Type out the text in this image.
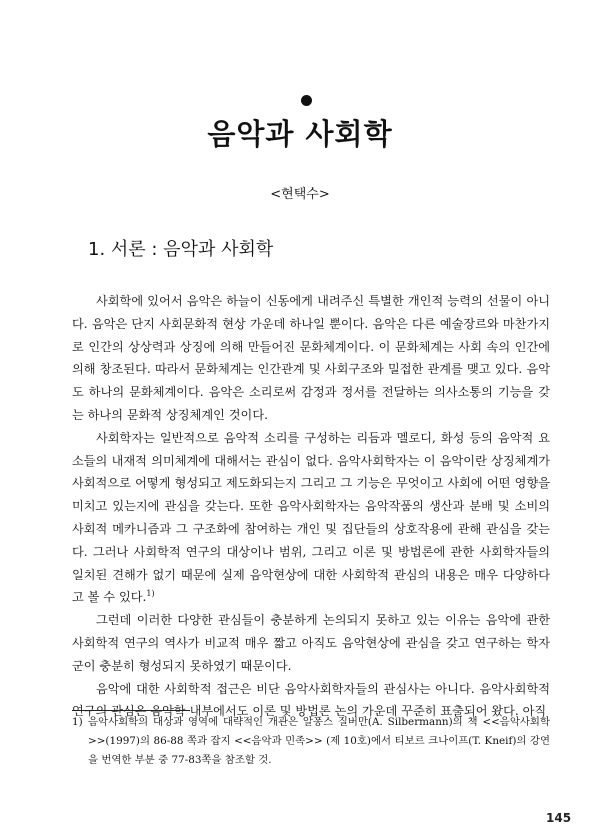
음악과 사회학
<현택수>
1. 서론 : 음악과 사회학

사회학에 있어서 음악은 하늘이 신동에게 내려주신 특별한 개인적 능력의 선물이 아니다. 음악은 단지 사회문화적 현상 가운데 하나일 뿐이다. 음악은 다른 예술장르와 마찬가지로 인간의 상상력과 상징에 의해 만들어진 문화체계이다. 이 문화체계는 사회 속의 인간에 의해 창조된다. 따라서 문화체계는 인간관계 및 사회구조와 밀접한 관계를 맺고 있다. 음악도 하나의 문화체계이다. 음악은 소리로써 감정과 정서를 전달하는 의사소통의 기능을 갖는 하나의 문화적 상징체계인 것이다.

사회학자는 일반적으로 음악적 소리를 구성하는 리듬과 멜로디, 화성 등의 음악적 요소들의 내재적 의미체계에 대해서는 관심이 없다. 음악사회학자는 이 음악이란 상징체계가 사회적으로 어떻게 형성되고 제도화되는지 그리고 그 기능은 무엇이고 사회에 어떤 영향을 미치고 있는지에 관심을 갖는다. 또한 음악사회학자는 음악작품의 생산과 분배 및 소비의 사회적 메카니즘과 그 구조화에 참여하는 개인 및 집단들의 상호작용에 관해 관심을 갖는다. 그러나 사회학적 연구의 대상이나 범위, 그리고 이론 및 방법론에 관한 사회학자들의 일치된 견해가 없기 때문에 실제 음악현상에 대한 사회학적 관심의 내용은 매우 다양하다고 볼 수 있다.$^{1)}$

그런데 이러한 다양한 관심들이 충분하게 논의되지 못하고 있는 이유는 음악에 관한 사회학적 연구의 역사가 비교적 매우 짧고 아직도 음악현상에 관심을 갖고 연구하는 학자군이 충분히 형성되지 못하였기 때문이다.

음악에 대한 사회학적 접근은 비단 음악사회학자들의 관심사는 아니다. 음악사회학적 연구의 관심은 음악학 내부에서도 이론 및 방법론 논의 가운데 꾸준히 표출되어 왔다. 아직

1) 음악사회학의 대상과 영역에 대략적인 개관은 알퐁스 질버만(A. Silbermann)의 책 <<음악사회학>>(1997)의 86-88 쪽과 잡지 <<음악과 민족>> (제 10호)에서 티보르 크나이프(T. Kneif)의 강연을 번역한 부분 중 77-83쪽을 참조할 것.
145
